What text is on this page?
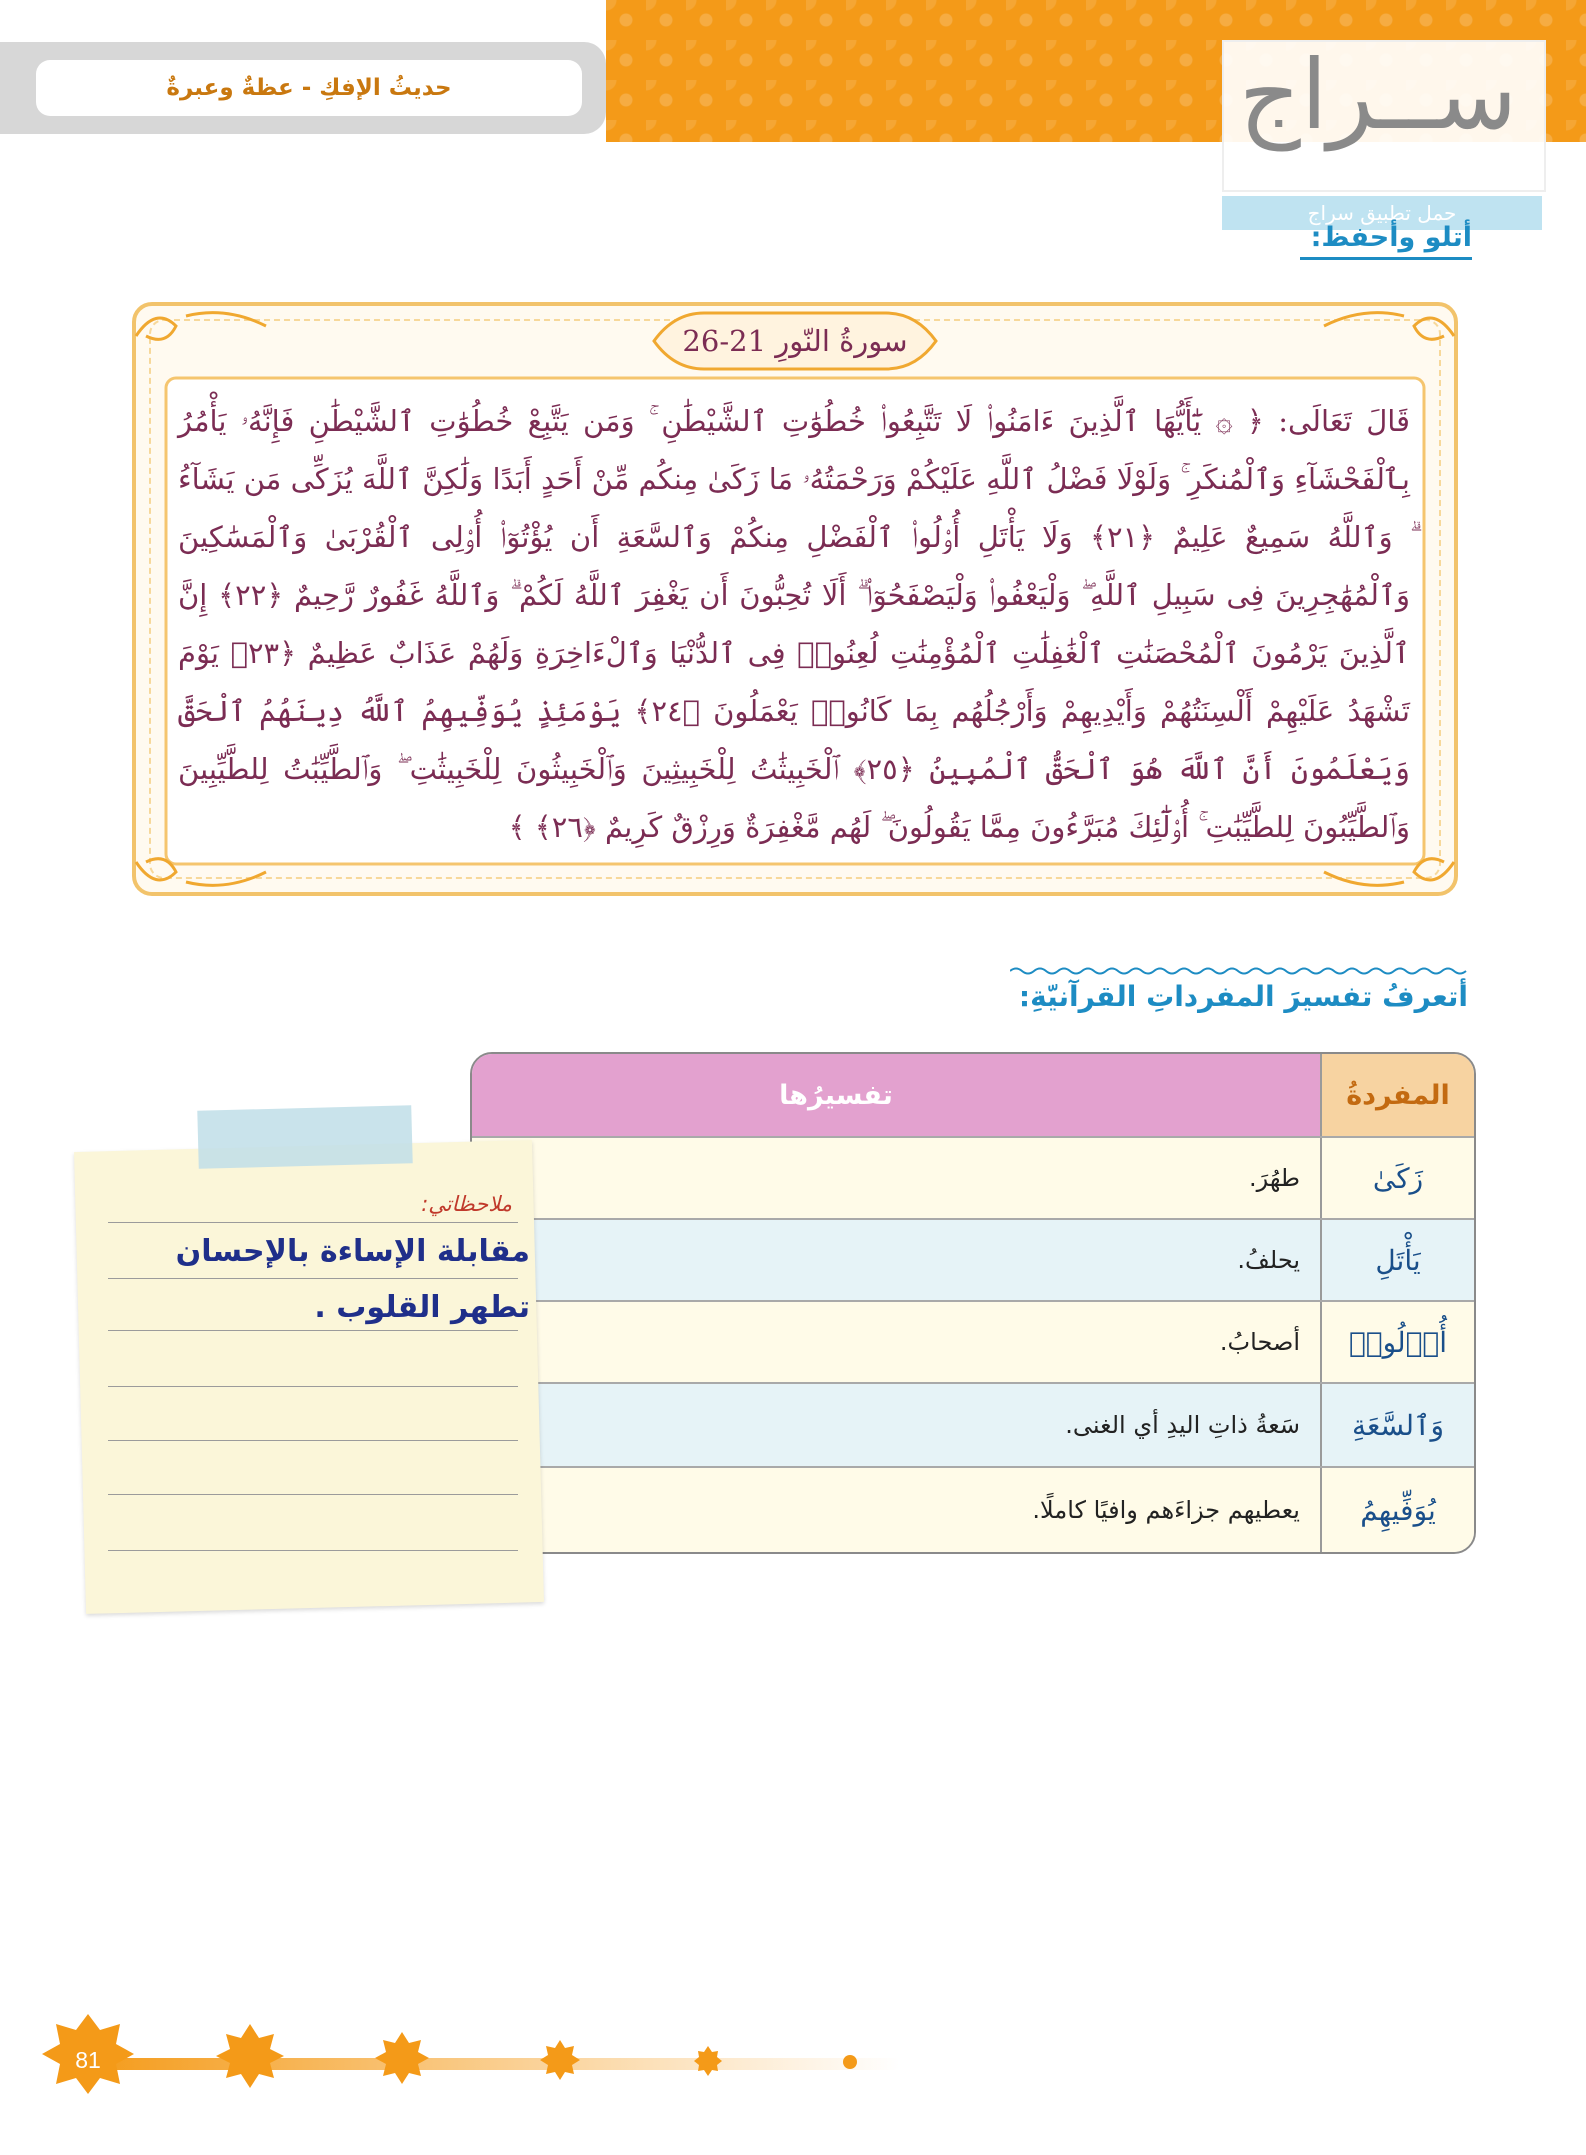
حديثُ الإفكِ - عظةٌ وعبرةٌ	ســراج
حمل تطبيق سراج
أتلو وأحفظ:
سورةُ النّورِ 21-26
قَالَ تَعَالَى: ﴿ ۞ يَٰٓأَيُّهَا ٱلَّذِينَ ءَامَنُوا۟ لَا تَتَّبِعُوا۟ خُطُوَٰتِ ٱلشَّيْطَٰنِ ۚ وَمَن يَتَّبِعْ خُطُوَٰتِ ٱلشَّيْطَٰنِ فَإِنَّهُۥ يَأْمُرُ بِٱلْفَحْشَآءِ وَٱلْمُنكَرِ ۚ وَلَوْلَا فَضْلُ ٱللَّهِ عَلَيْكُمْ وَرَحْمَتُهُۥ مَا زَكَىٰ مِنكُم مِّنْ أَحَدٍ أَبَدًا وَلَٰكِنَّ ٱللَّهَ يُزَكِّى مَن يَشَآءُ ۗ وَٱللَّهُ سَمِيعٌ عَلِيمٌ ﴿٢١﴾ وَلَا يَأْتَلِ أُو۟لُوا۟ ٱلْفَضْلِ مِنكُمْ وَٱلسَّعَةِ أَن يُؤْتُوٓا۟ أُو۟لِى ٱلْقُرْبَىٰ وَٱلْمَسَٰكِينَ وَٱلْمُهَٰجِرِينَ فِى سَبِيلِ ٱللَّهِ ۖ وَلْيَعْفُوا۟ وَلْيَصْفَحُوٓا۟ ۗ أَلَا تُحِبُّونَ أَن يَغْفِرَ ٱللَّهُ لَكُمْ ۗ وَٱللَّهُ غَفُورٌ رَّحِيمٌ ﴿٢٢﴾ إِنَّ ٱلَّذِينَ يَرْمُونَ ٱلْمُحْصَنَٰتِ ٱلْغَٰفِلَٰتِ ٱلْمُؤْمِنَٰتِ لُعِنُوا۟ فِى ٱلدُّنْيَا وَٱلْءَاخِرَةِ وَلَهُمْ عَذَابٌ عَظِيمٌ ﴿٢٣﴾ يَوْمَ تَشْهَدُ عَلَيْهِمْ أَلْسِنَتُهُمْ وَأَيْدِيهِمْ وَأَرْجُلُهُم بِمَا كَانُوا۟ يَعْمَلُونَ ﴿٢٤﴾ يَوْمَئِذٍ يُوَفِّيهِمُ ٱللَّهُ دِينَهُمُ ٱلْحَقَّ وَيَعْلَمُونَ أَنَّ ٱللَّهَ هُوَ ٱلْحَقُّ ٱلْمُبِينُ ﴿٢٥﴾ ٱلْخَبِيثَٰتُ لِلْخَبِيثِينَ وَٱلْخَبِيثُونَ لِلْخَبِيثَٰتِ ۖ وَٱلطَّيِّبَٰتُ لِلطَّيِّبِينَ وَٱلطَّيِّبُونَ لِلطَّيِّبَٰتِ ۚ أُو۟لَٰٓئِكَ مُبَرَّءُونَ مِمَّا يَقُولُونَ ۖ لَهُم مَّغْفِرَةٌ وَرِزْقٌ كَرِيمٌ ﴿٢٦﴾ ﴾
أتعرفُ تفسيرَ المفرداتِ القرآنيّةِ:
المفردةُ
تفسيرُها
زَكَىٰ
طهُرَ.
يَأْتَلِ
يحلفُ.
أُو۟لُوا۟
أصحابُ.
وَٱلسَّعَةِ
سَعةُ ذاتِ اليدِ أي الغنى.
يُوَفِّيهِمُ
يعطيهم جزاءَهم وافيًا كاملًا.
ملاحظاتي:
مقابلة الإساءة بالإحسان
تطهر القلوب .
81
